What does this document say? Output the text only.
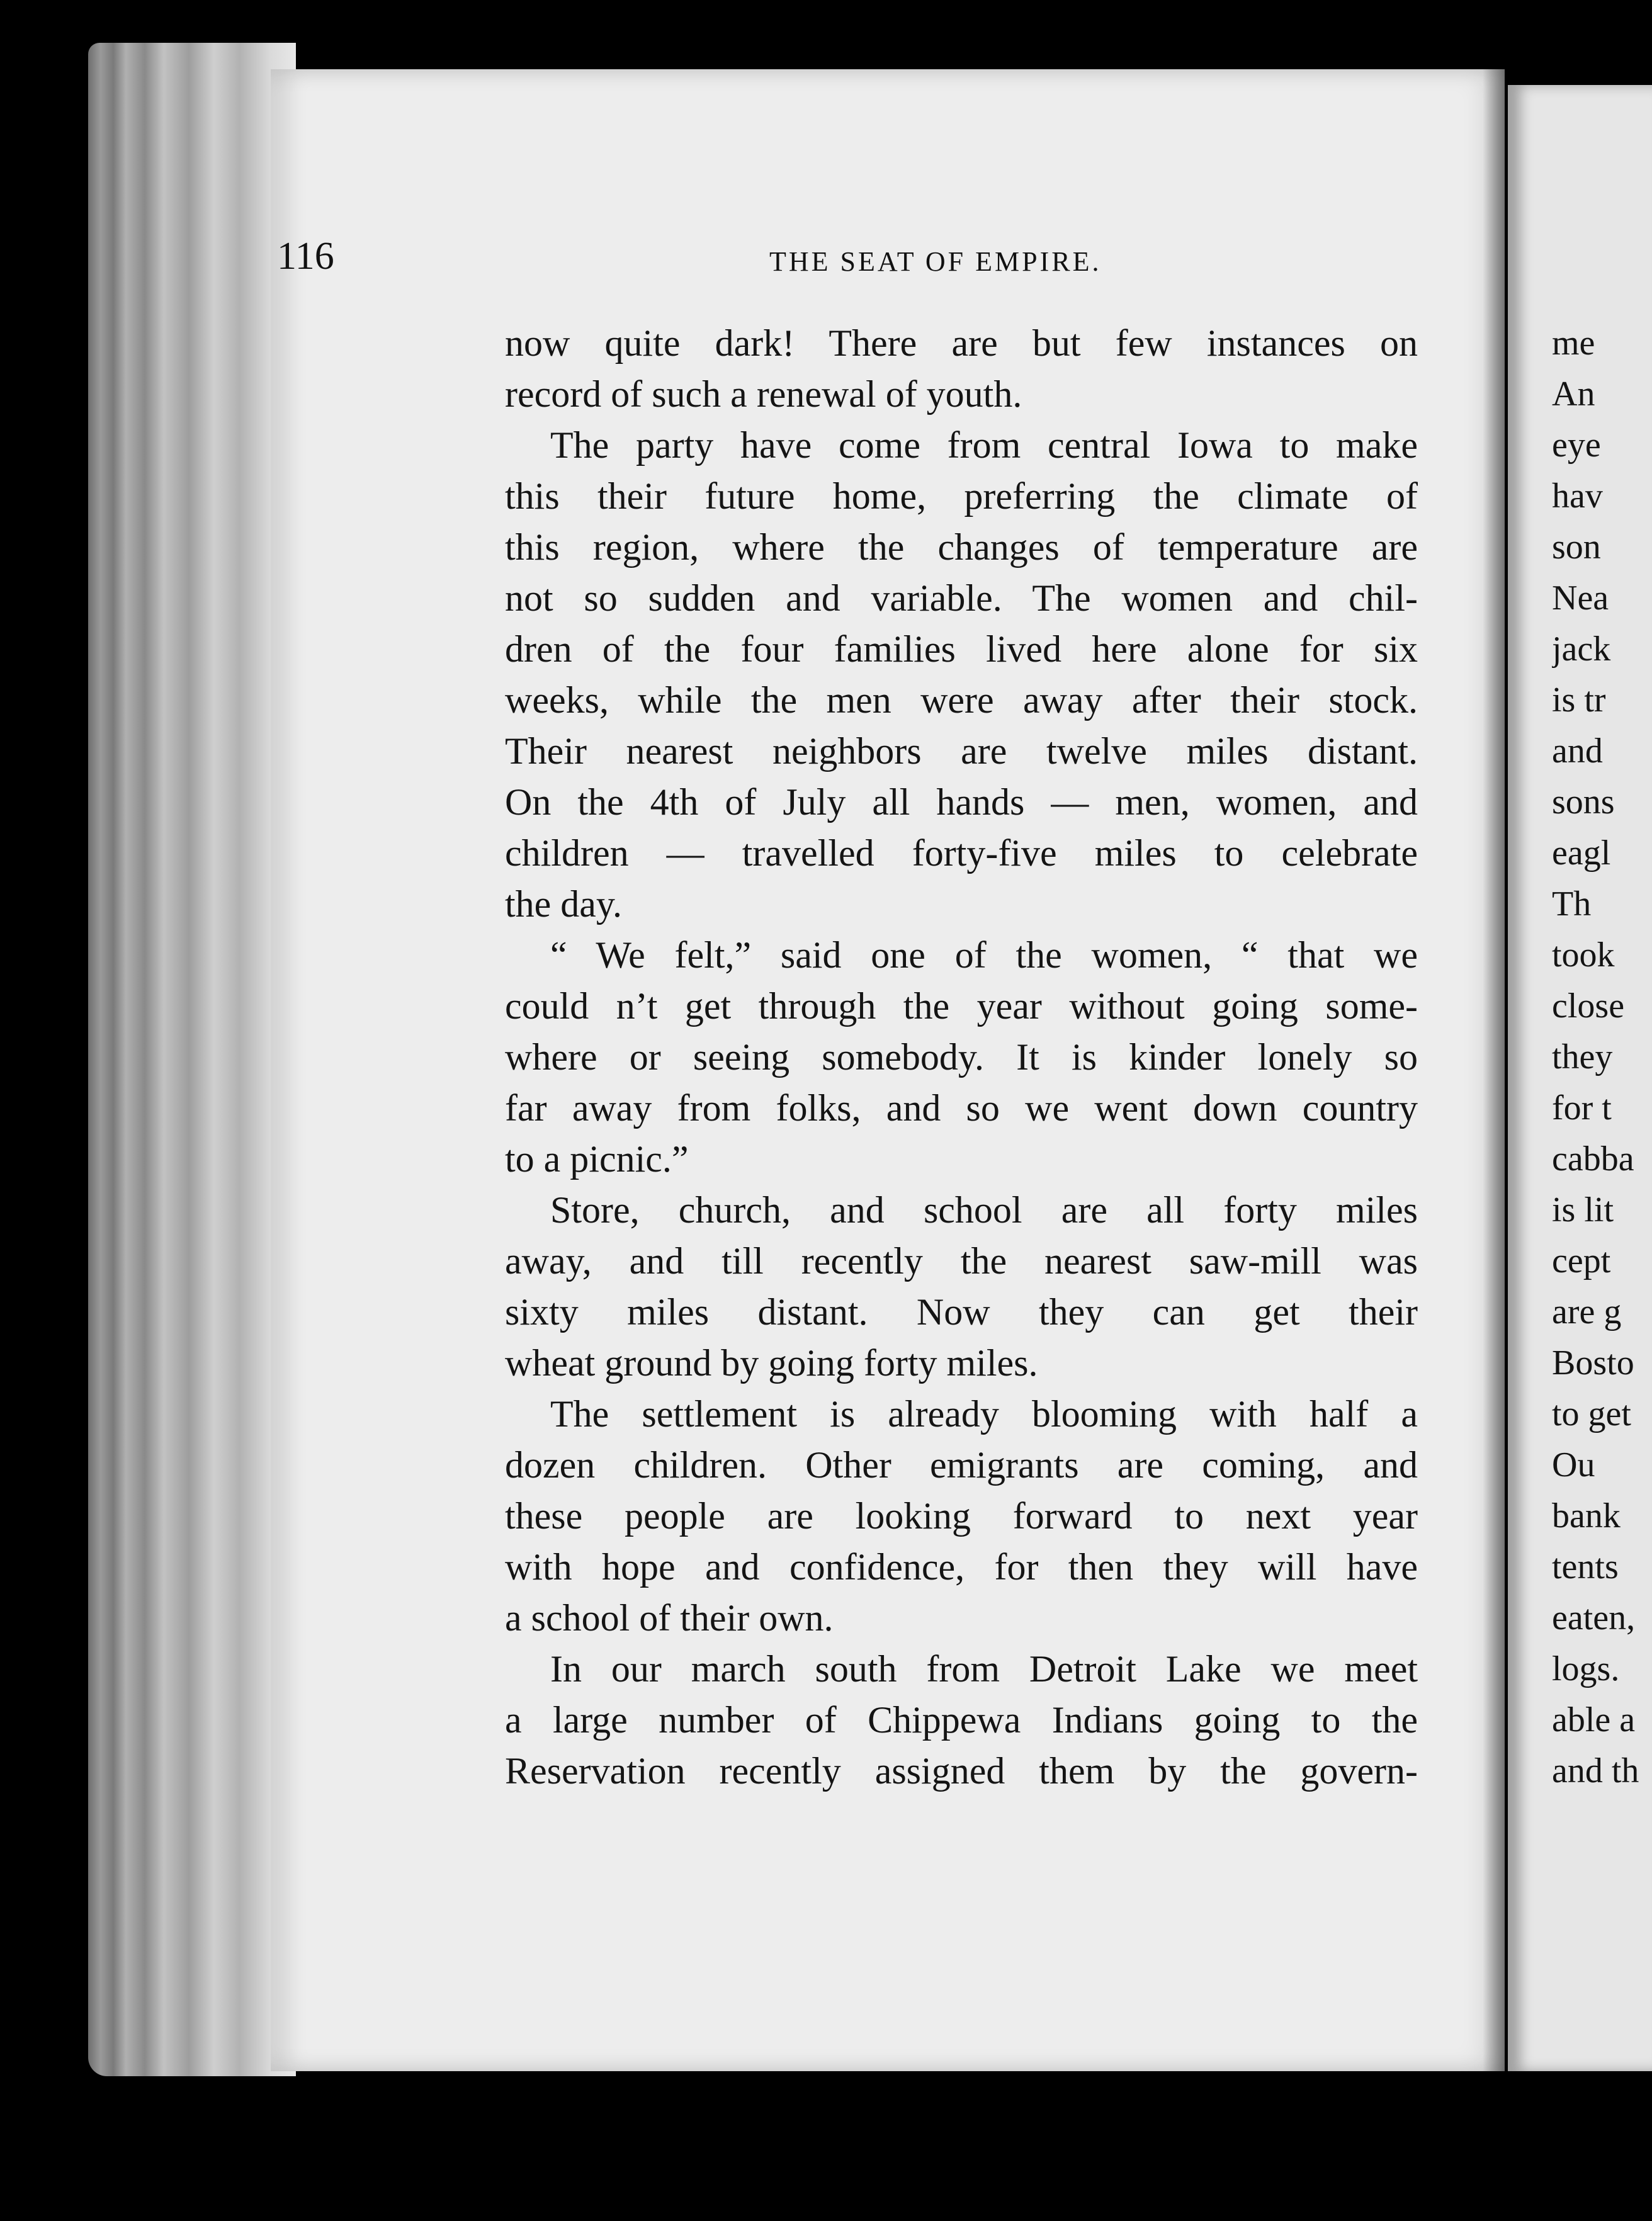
116	THE SEAT OF EMPIRE.
now quite dark! There are but few instances on
record of such a renewal of youth.
The party have come from central Iowa to make
this their future home, preferring the climate of
this region, where the changes of temperature are
not so sudden and variable. The women and chil-
dren of the four families lived here alone for six
weeks, while the men were away after their stock.
Their nearest neighbors are twelve miles distant.
On the 4th of July all hands — men, women, and
children — travelled forty-five miles to celebrate
the day.
“ We felt,” said one of the women, “ that we
could n’t get through the year without going some-
where or seeing somebody. It is kinder lonely so
far away from folks, and so we went down country
to a picnic.”
Store, church, and school are all forty miles
away, and till recently the nearest saw-mill was
sixty miles distant. Now they can get their
wheat ground by going forty miles.
The settlement is already blooming with half a
dozen children. Other emigrants are coming, and
these people are looking forward to next year
with hope and confidence, for then they will have
a school of their own.
In our march south from Detroit Lake we meet
a large number of Chippewa Indians going to the
Reservation recently assigned them by the govern-
me
An
eye
hav
son
Nea
jack
is tr
and
sons
eagl
Th
took
close
they
for t
cabba
is lit
cept
are g
Bosto
to get
Ou
bank
tents
eaten,
logs.
able a
and th
